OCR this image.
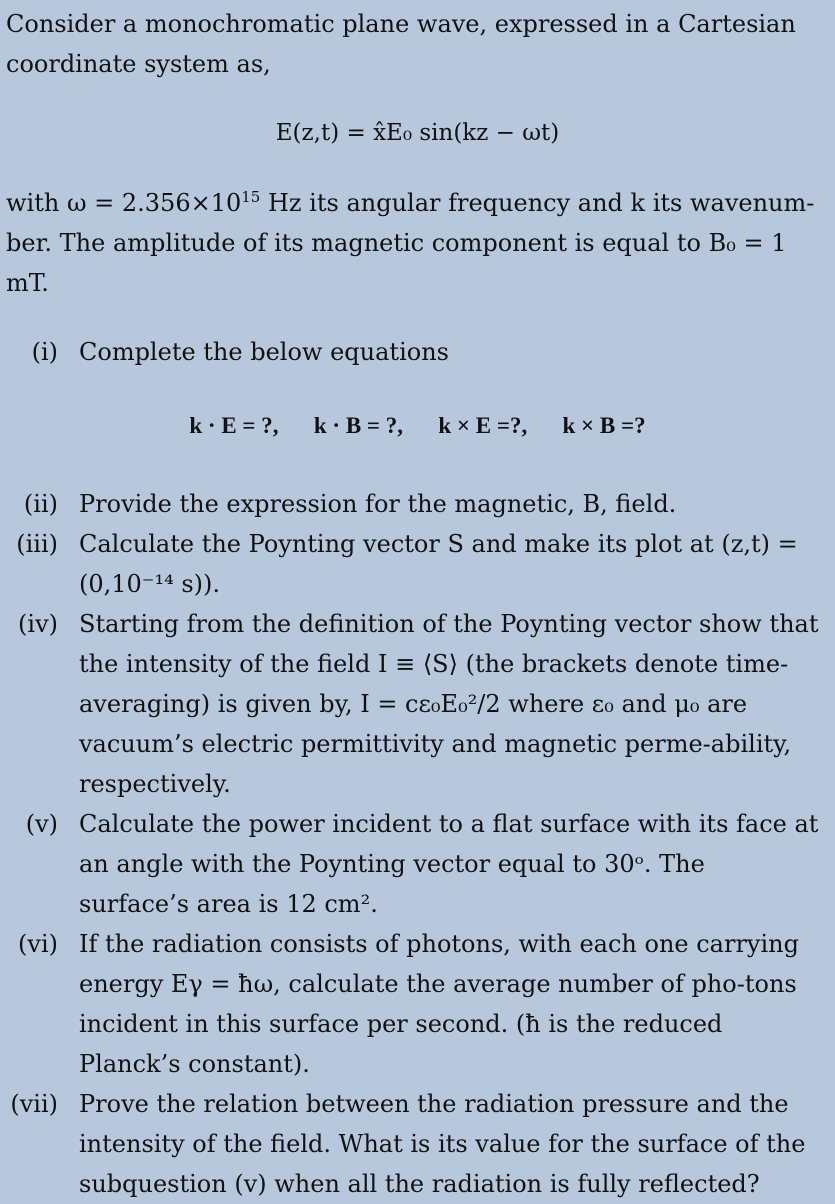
Consider a monochromatic plane wave, expressed in a Cartesian
coordinate system as,
E(z,t) = x̂E₀ sin(kz − ωt)
with $\omega = 2.356\times 10^{15}$ Hz its angular frequency and k its wavenum-
ber. The amplitude of its magnetic component is equal to B₀ = 1
mT.
(i) Complete the below equations
k · E = ?, k · B = ?, k × E =?, k × B =?
(ii) Provide the expression for the magnetic, B, field.
(iii) Calculate the Poynting vector S and make its plot at (z,t) = (0,10⁻¹⁴ s)).
(iv) Starting from the definition of the Poynting vector show that the intensity of the field I ≡ ⟨S⟩ (the brackets denote time-averaging) is given by, I = cε₀E₀²/2 where ε₀ and μ₀ are vacuum’s electric permittivity and magnetic perme-ability, respectively.
(v) Calculate the power incident to a flat surface with its face at an angle with the Poynting vector equal to 30ᵒ. The surface’s area is 12 cm².
(vi) If the radiation consists of photons, with each one carrying energy Eγ = ħω, calculate the average number of pho-tons incident in this surface per second. (ħ is the reduced Planck’s constant).
(vii) Prove the relation between the radiation pressure and the intensity of the field. What is its value for the surface of the subquestion (v) when all the radiation is fully reflected?
